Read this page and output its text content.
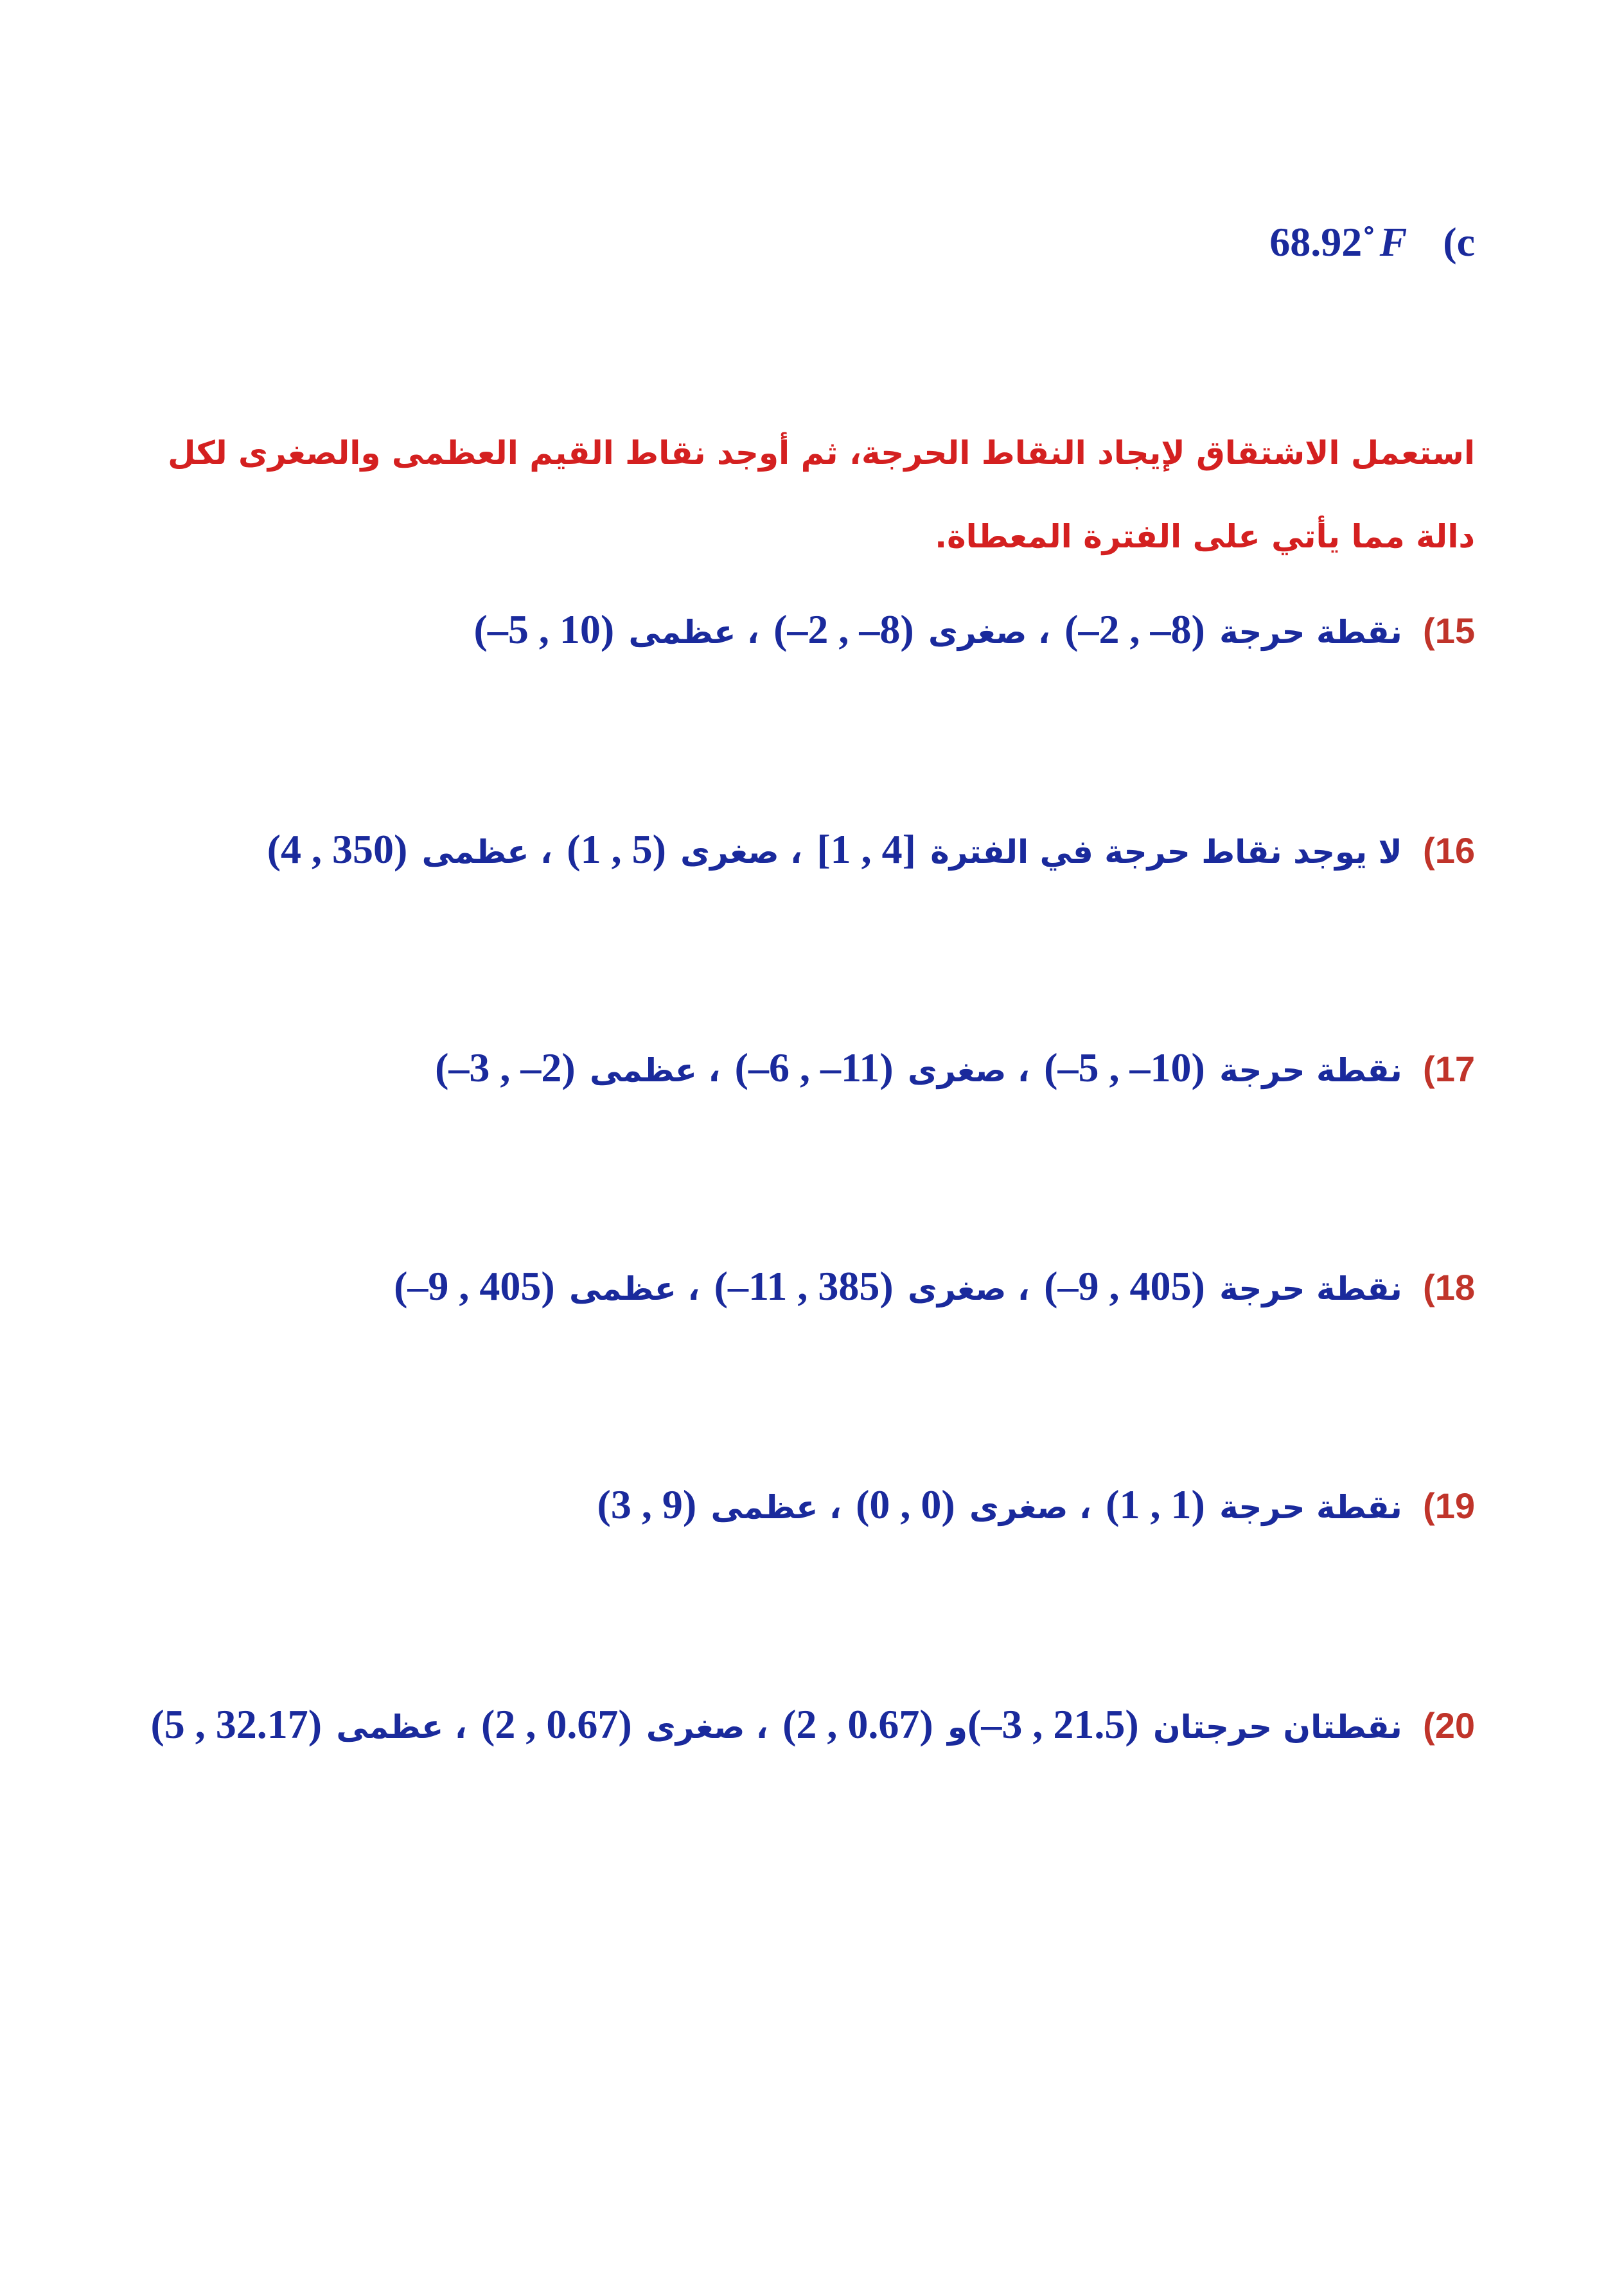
68.92˚F (c

استعمل الاشتقاق لإيجاد النقاط الحرجة، ثم أوجد نقاط القيم العظمى والصغرى لكل دالة مما يأتي على الفترة المعطاة.

15) نقطة حرجة (–2 , –8) ، صغرى (–2 , –8) ، عظمى (–5 , 10)
16) لا يوجد نقاط حرجة في الفترة [1 , 4] ، صغرى (1 , 5) ، عظمى (4 , 350)
17) نقطة حرجة (–5 , –10) ، صغرى (–6 , –11) ، عظمى (–3 , –2)
18) نقطة حرجة (–9 , 405) ، صغرى (–11 , 385) ، عظمى (–9 , 405)
19) نقطة حرجة (1 , 1) ، صغرى (0 , 0) ، عظمى (3 , 9)
20) نقطتان حرجتان (–3 , 21.5)و (2 , 0.67) ، صغرى (2 , 0.67) ، عظمى (5 , 32.17)
